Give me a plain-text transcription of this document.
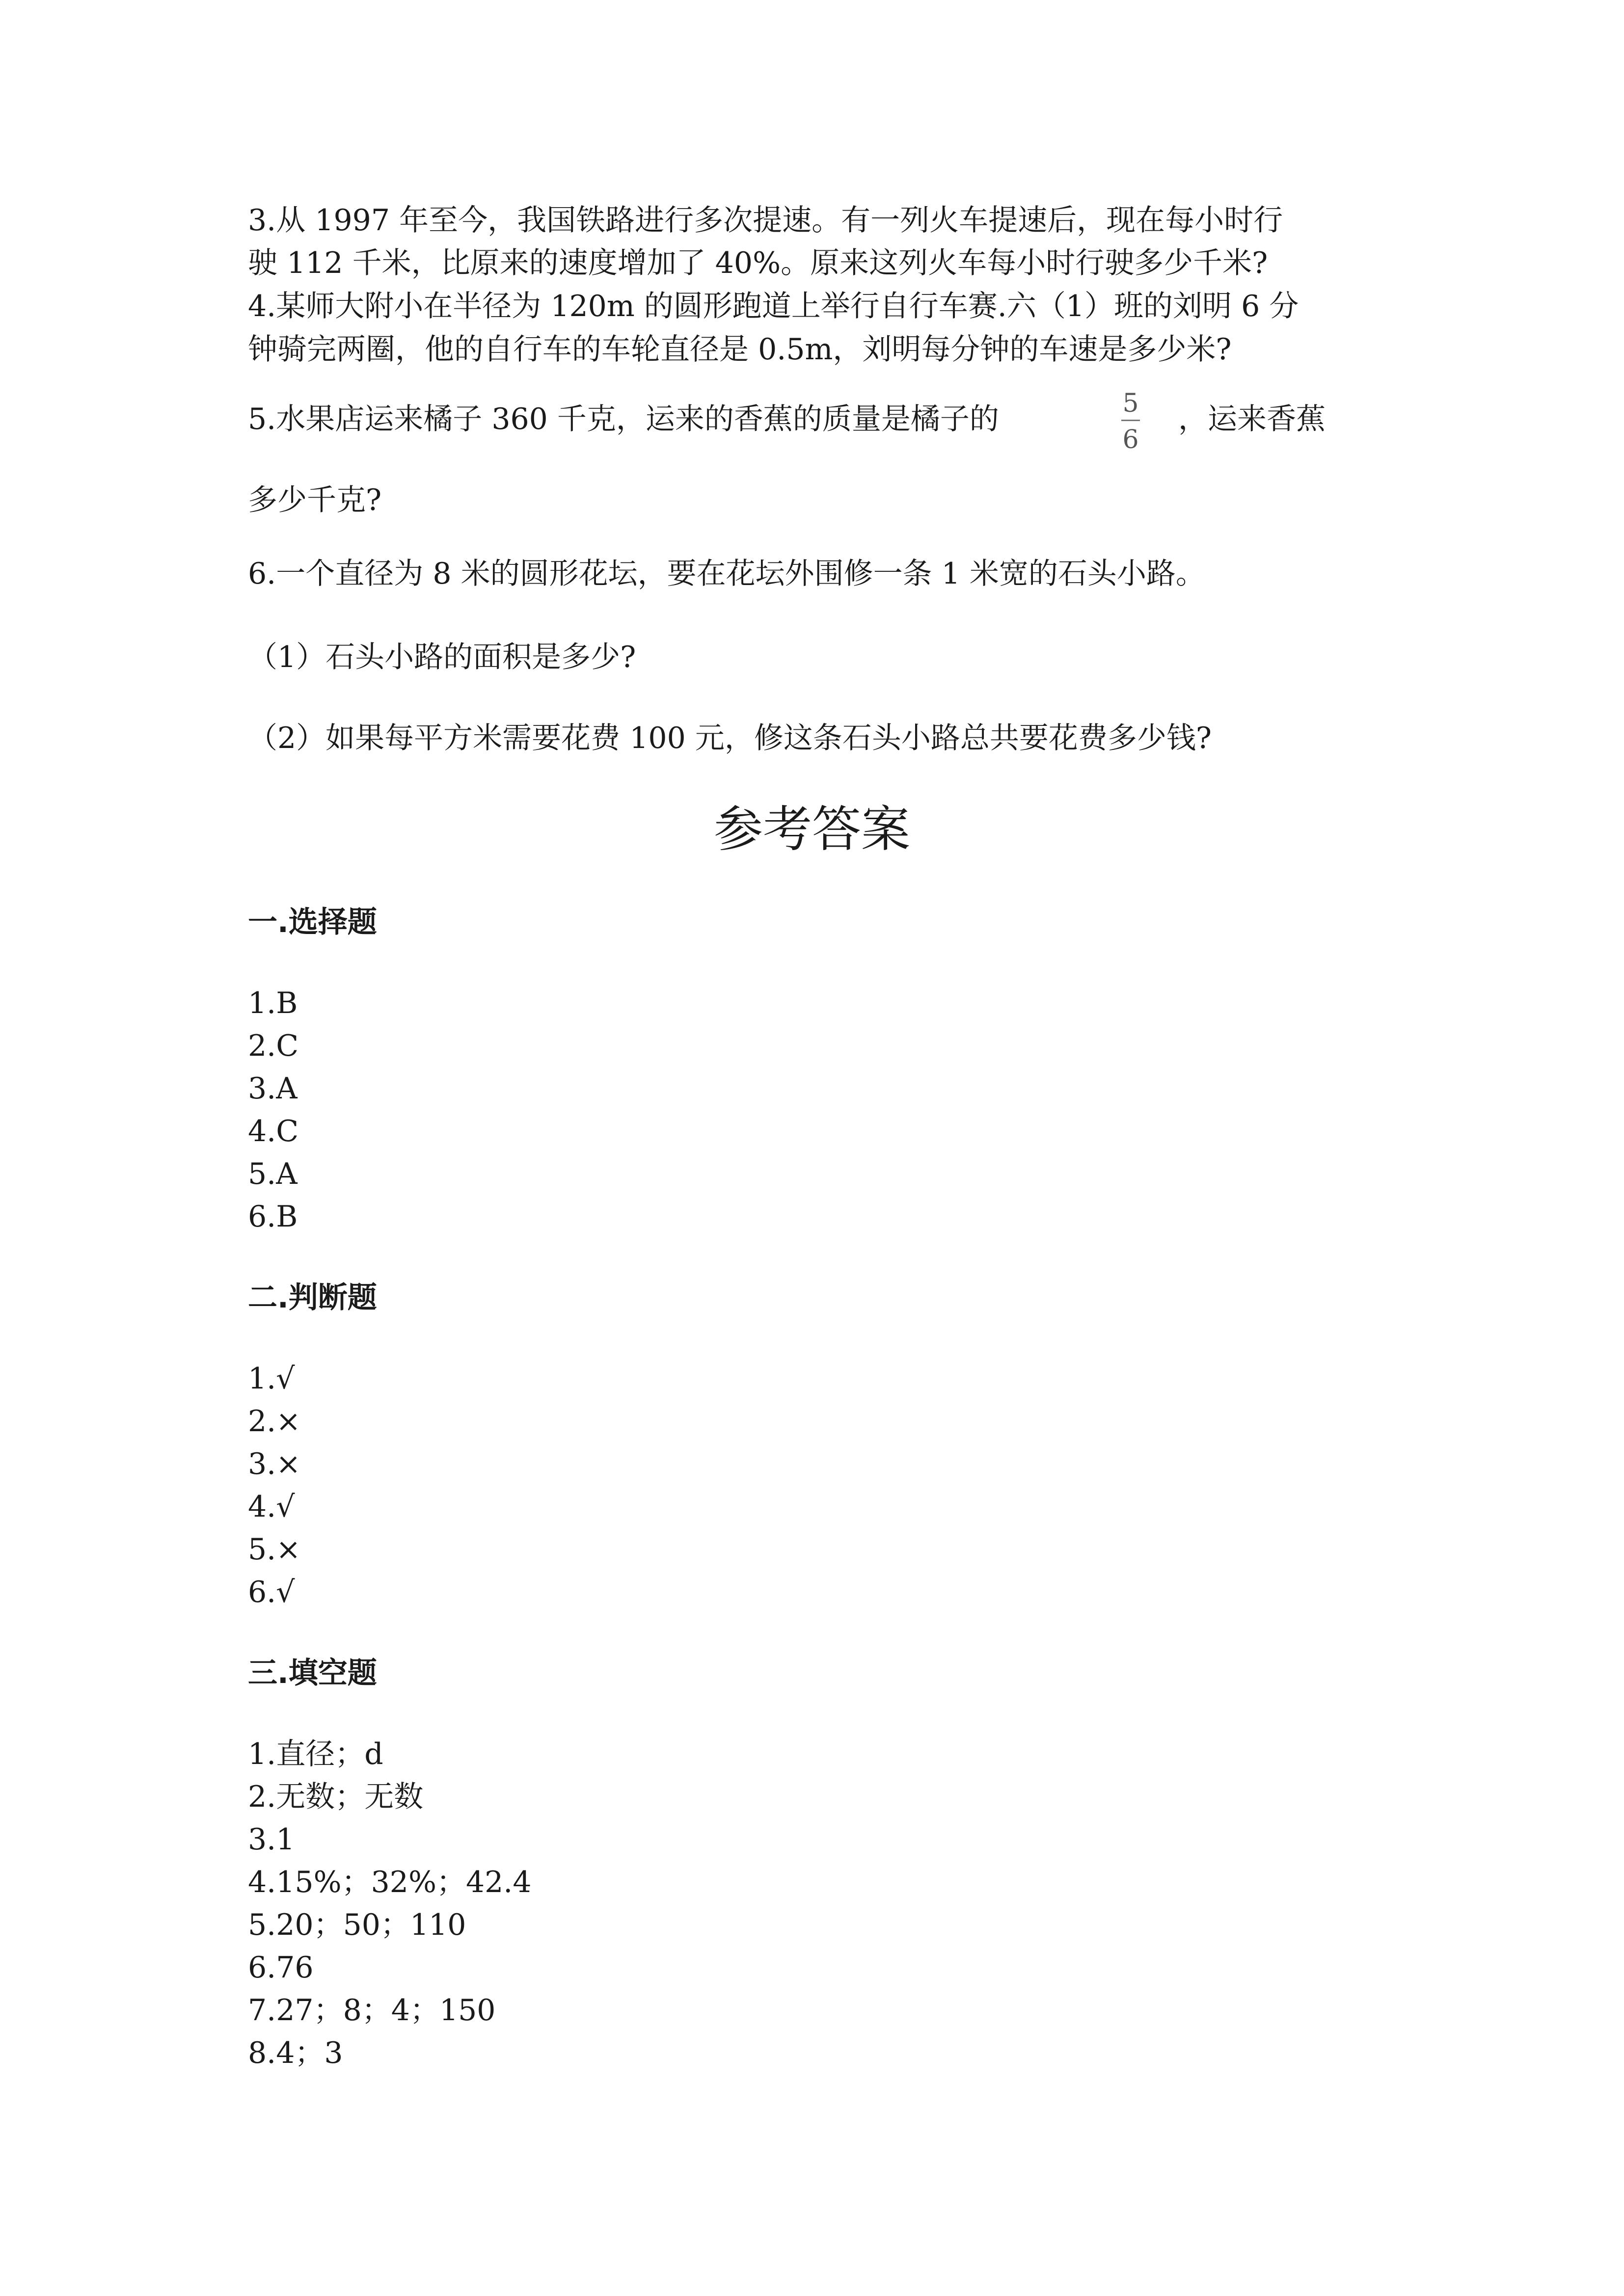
3.从 1997 年至今，我国铁路进行多次提速。有一列火车提速后，现在每小时行
驶 112 千米，比原来的速度增加了 40%。原来这列火车每小时行驶多少千米?
4.某师大附小在半径为 120m 的圆形跑道上举行自行车赛.六（1）班的刘明 6 分
钟骑完两圈，他的自行车的车轮直径是 0.5m，刘明每分钟的车速是多少米?
5.水果店运来橘子 360 千克，运来的香蕉的质量是橘子的	5
6
，运来香蕉
多少千克?
6.一个直径为 8 米的圆形花坛，要在花坛外围修一条 1 米宽的石头小路。
（1）石头小路的面积是多少?
（2）如果每平方米需要花费 100 元，修这条石头小路总共要花费多少钱?
参考答案
一.选择题
1.B
2.C
3.A
4.C
5.A
6.B
二.判断题
1.√
2.×
3.×
4.√
5.×
6.√
三.填空题
1.直径；d
2.无数；无数
3.1
4.15%；32%；42.4
5.20；50；110
6.76
7.27；8；4；150
8.4；3
